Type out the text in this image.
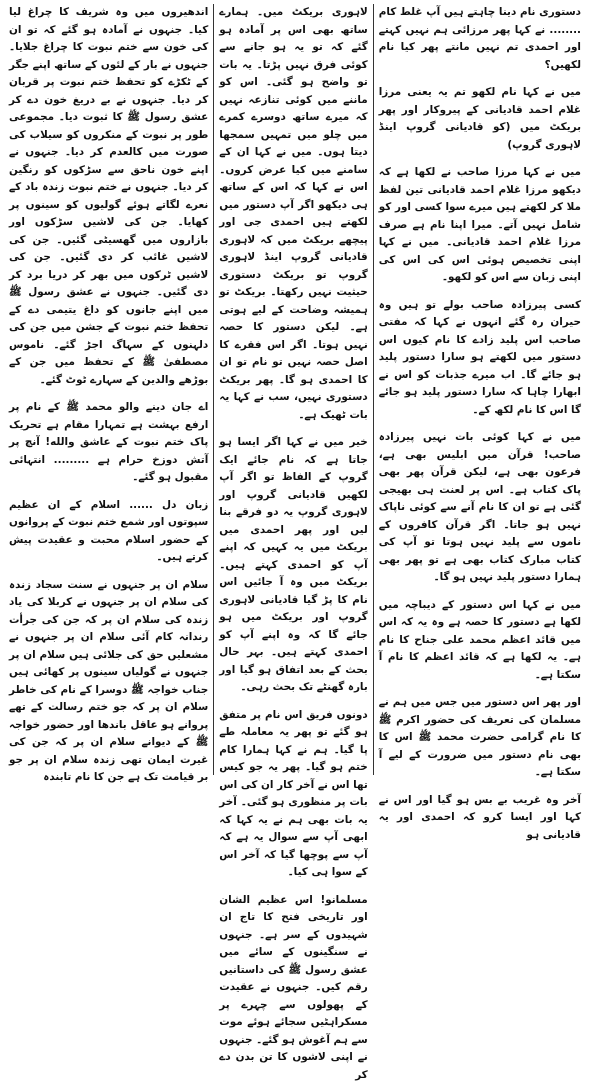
دستوری نام دینا چاہتے ہیں آپ غلط کام ........ نے کہا پھر مرزائی ہم نہیں کہتے اور احمدی تم نہیں مانتے پھر کیا نام لکھیں؟

میں نے کہا نام لکھو تم یہ یعنی مرزا غلام احمد قادیانی کے پیروکار اور پھر بریکٹ میں (کو قادیانی گروپ اینڈ لاہوری گروپ)

میں نے کہا مرزا صاحب نے لکھا ہے کہ دیکھو مرزا غلام احمد قادیانی تین لفظ ملا کر لکھتے ہیں میرے سوا کسی اور کو شامل نہیں آتے۔ میرا اپنا نام ہے صرف مرزا غلام احمد قادیانی۔ میں نے کہا اپنی تخصیص ہوئی اس کی اس کی اپنی زبان سے اس کو لکھو۔

کسی پیرزادہ صاحب بولے تو ہیں وہ حیران رہ گئے انہوں نے کہا کہ مفتی صاحب اس پلید زادے کا نام کیوں اس دستور میں لکھتے ہو سارا دستور پلید ہو جائے گا۔ اب میرے جذبات کو اس نے ابھارا چاہا کہ سارا دستور پلید ہو جائے گا اس کا نام لکھ کے۔

میں نے کہا کوئی بات نہیں پیرزادہ صاحب! قرآن میں ابلیس بھی ہے، فرعون بھی ہے، لیکن قرآن پھر بھی پاک کتاب ہے۔ اس پر لعنت ہی بھیجی گئی ہے تو ان کا نام آنے سے کوئی ناپاک نہیں ہو جاتا۔ اگر قرآن کافروں کے ناموں سے پلید نہیں ہوتا تو آپ کی کتاب مبارک کتاب بھی ہے تو پھر بھی ہمارا دستور پلید نہیں ہو گا۔

میں نے کہا اس دستور کے دیباچہ میں لکھا ہے دستور کا حصہ ہے وہ یہ کہ اس میں قائد اعظم محمد علی جناح کا نام ہے۔ یہ لکھا ہے کہ قائد اعظم کا نام آ سکتا ہے۔

اور پھر اس دستور میں جس میں ہم نے مسلمان کی تعریف کی حضور اکرم ﷺ کا نام گرامی حضرت محمد ﷺ اس کا بھی نام دستور میں ضرورت کے لیے آ سکتا ہے۔

آخر وہ غریب بے بس ہو گیا اور اس نے کہا اور ایسا کرو کہ احمدی اور یہ قادیانی ہو

لاہوری بریکٹ میں۔ ہمارے ساتھ بھی اس پر آمادہ ہو گئے کہ تو یہ ہو جانے سے کوئی فرق نہیں پڑتا۔ یہ بات تو واضح ہو گئی۔ اس کو ماننے میں کوئی تنازعہ نہیں کہ میرے ساتھ دوسرے کمرے میں چلو میں تمہیں سمجھا دیتا ہوں۔ میں نے کہا ان کے سامنے میں کیا عرض کروں۔ اس نے کہا کہ اس کے ساتھ ہی دیکھو اگر آپ دستور میں لکھتے ہیں احمدی جی اور پیچھے بریکٹ میں کہ لاہوری قادیانی گروپ اینڈ لاہوری گروپ تو بریکٹ دستوری حیثیت نہیں رکھتا۔ بریکٹ تو ہمیشہ وضاحت کے لیے ہوتی ہے۔ لیکن دستور کا حصہ نہیں ہوتا۔ اگر اس فقرے کا اصل حصہ نہیں تو نام تو ان کا احمدی ہو گا۔ پھر بریکٹ دستوری نہیں، سب نے کہا یہ بات ٹھیک ہے۔

خیر میں نے کہا اگر ایسا ہو جاتا ہے کہ نام جائے ایک گروپ کے الفاظ تو اگر آپ لکھیں قادیانی گروپ اور لاہوری گروپ یہ دو فرقے بنا لیں اور پھر احمدی میں بریکٹ میں یہ کہیں کہ اپنے آپ کو احمدی کہتے ہیں۔ بریکٹ میں وہ آ جائیں اس نام کا پڑ گیا قادیانی لاہوری گروپ اور بریکٹ میں ہو جائے گا کہ وہ اپنے آپ کو احمدی کہتے ہیں۔ بہر حال بحث کے بعد اتفاق ہو گیا اور بارہ گھنٹے تک بحث رہی۔

دونوں فریق اس نام پر متفق ہو گئے تو پھر یہ معاملہ طے پا گیا۔ ہم نے کہا ہمارا کام ختم ہو گیا۔ پھر یہ جو کیس تھا اس نے آخر کار ان کی اس بات پر منظوری ہو گئی۔ آخر یہ بات بھی ہم نے یہ کہا کہ ابھی آپ سے سوال یہ ہے کہ آپ سے پوچھا گیا کہ آخر اس کے سوا ہی کیا۔

مسلمانو! اس عظیم الشان اور تاریخی فتح کا تاج ان شہیدوں کے سر ہے۔ جنہوں نے سنگینوں کے سائے میں عشق رسول ﷺ کی داستانیں رقم کیں۔ جنہوں نے عقیدت کے پھولوں سے چہرے پر مسکراہٹیں سجائے ہوئے موت سے ہم آغوش ہو گئے۔ جنہوں نے اپنی لاشوں کا تن بدن دے کر

اندھیروں میں وہ شریف کا چراغ لیا کیا۔ جنہوں نے آمادہ ہو گئے کہ تو ان کی خون سے ختم نبوت کا چراغ جلایا۔ جنہوں نے بار کے لئوں کے ساتھ اپنے جگر کے ٹکڑے کو تحفظ ختم نبوت پر قربان کر دیا۔ جنہوں نے بے دریغ خون دے کر عشق رسول ﷺ کا ثبوت دیا۔ مجموعی طور پر نبوت کے منکروں کو سیلاب کی صورت میں کالعدم کر دیا۔ جنہوں نے اپنے خون ناحق سے سڑکوں کو رنگین کر دیا۔ جنہوں نے ختم نبوت زندہ باد کے نعرے لگاتے ہوئے گولیوں کو سینوں پر کھایا۔ جن کی لاشیں سڑکوں اور بازاروں میں گھسیٹی گئیں۔ جن کی لاشیں غائب کر دی گئیں۔ جن کی لاشیں ٹرکوں میں بھر کر دریا برد کر دی گئیں۔ جنہوں نے عشق رسول ﷺ میں اپنے جانوں کو داغ یتیمی دے کے تحفظ ختم نبوت کے جشن میں جن کی دلہنوں کے سہاگ اجڑ گئے۔ ناموس مصطفیٰ ﷺ کے تحفظ میں جن کے بوڑھے والدین کے سہارے ٹوٹ گئے۔

اے جان دینے والو محمد ﷺ کے نام پر ارفع بہشت ہے تمہارا مقام ہے تحریک پاک ختم نبوت کے عاشق والله! آنچ پر آتش دوزخ حرام ہے ......... انتہائی مقبول ہو گئے۔

زبان دل ...... اسلام کے ان عظیم سپوتوں اور شمع ختم نبوت کے پروانوں کے حضور اسلام محبت و عقیدت پیش کرتے ہیں۔

سلام ان پر جنہوں نے سنت سجاد زندہ کی سلام ان پر جنہوں نے کربلا کی یاد زندہ کی سلام ان پر کہ جن کی جرأت رندانہ کام آئی سلام ان پر جنہوں نے مشعلیں حق کی جلائی ہیں سلام ان پر جنہوں نے گولیاں سینوں پر کھائی ہیں جناب خواجہ ﷺ دوسرا کے نام کی خاطر سلام ان پر کہ جو ختم رسالت کے تھے پروانے ہو عاقل باندھا اور حضور خواجہ ﷺ کے دیوانے سلام ان پر کہ جن کی غیرت ایمان تھی زندہ سلام ان پر جو بر قیامت تک ہے جن کا نام تابندہ
